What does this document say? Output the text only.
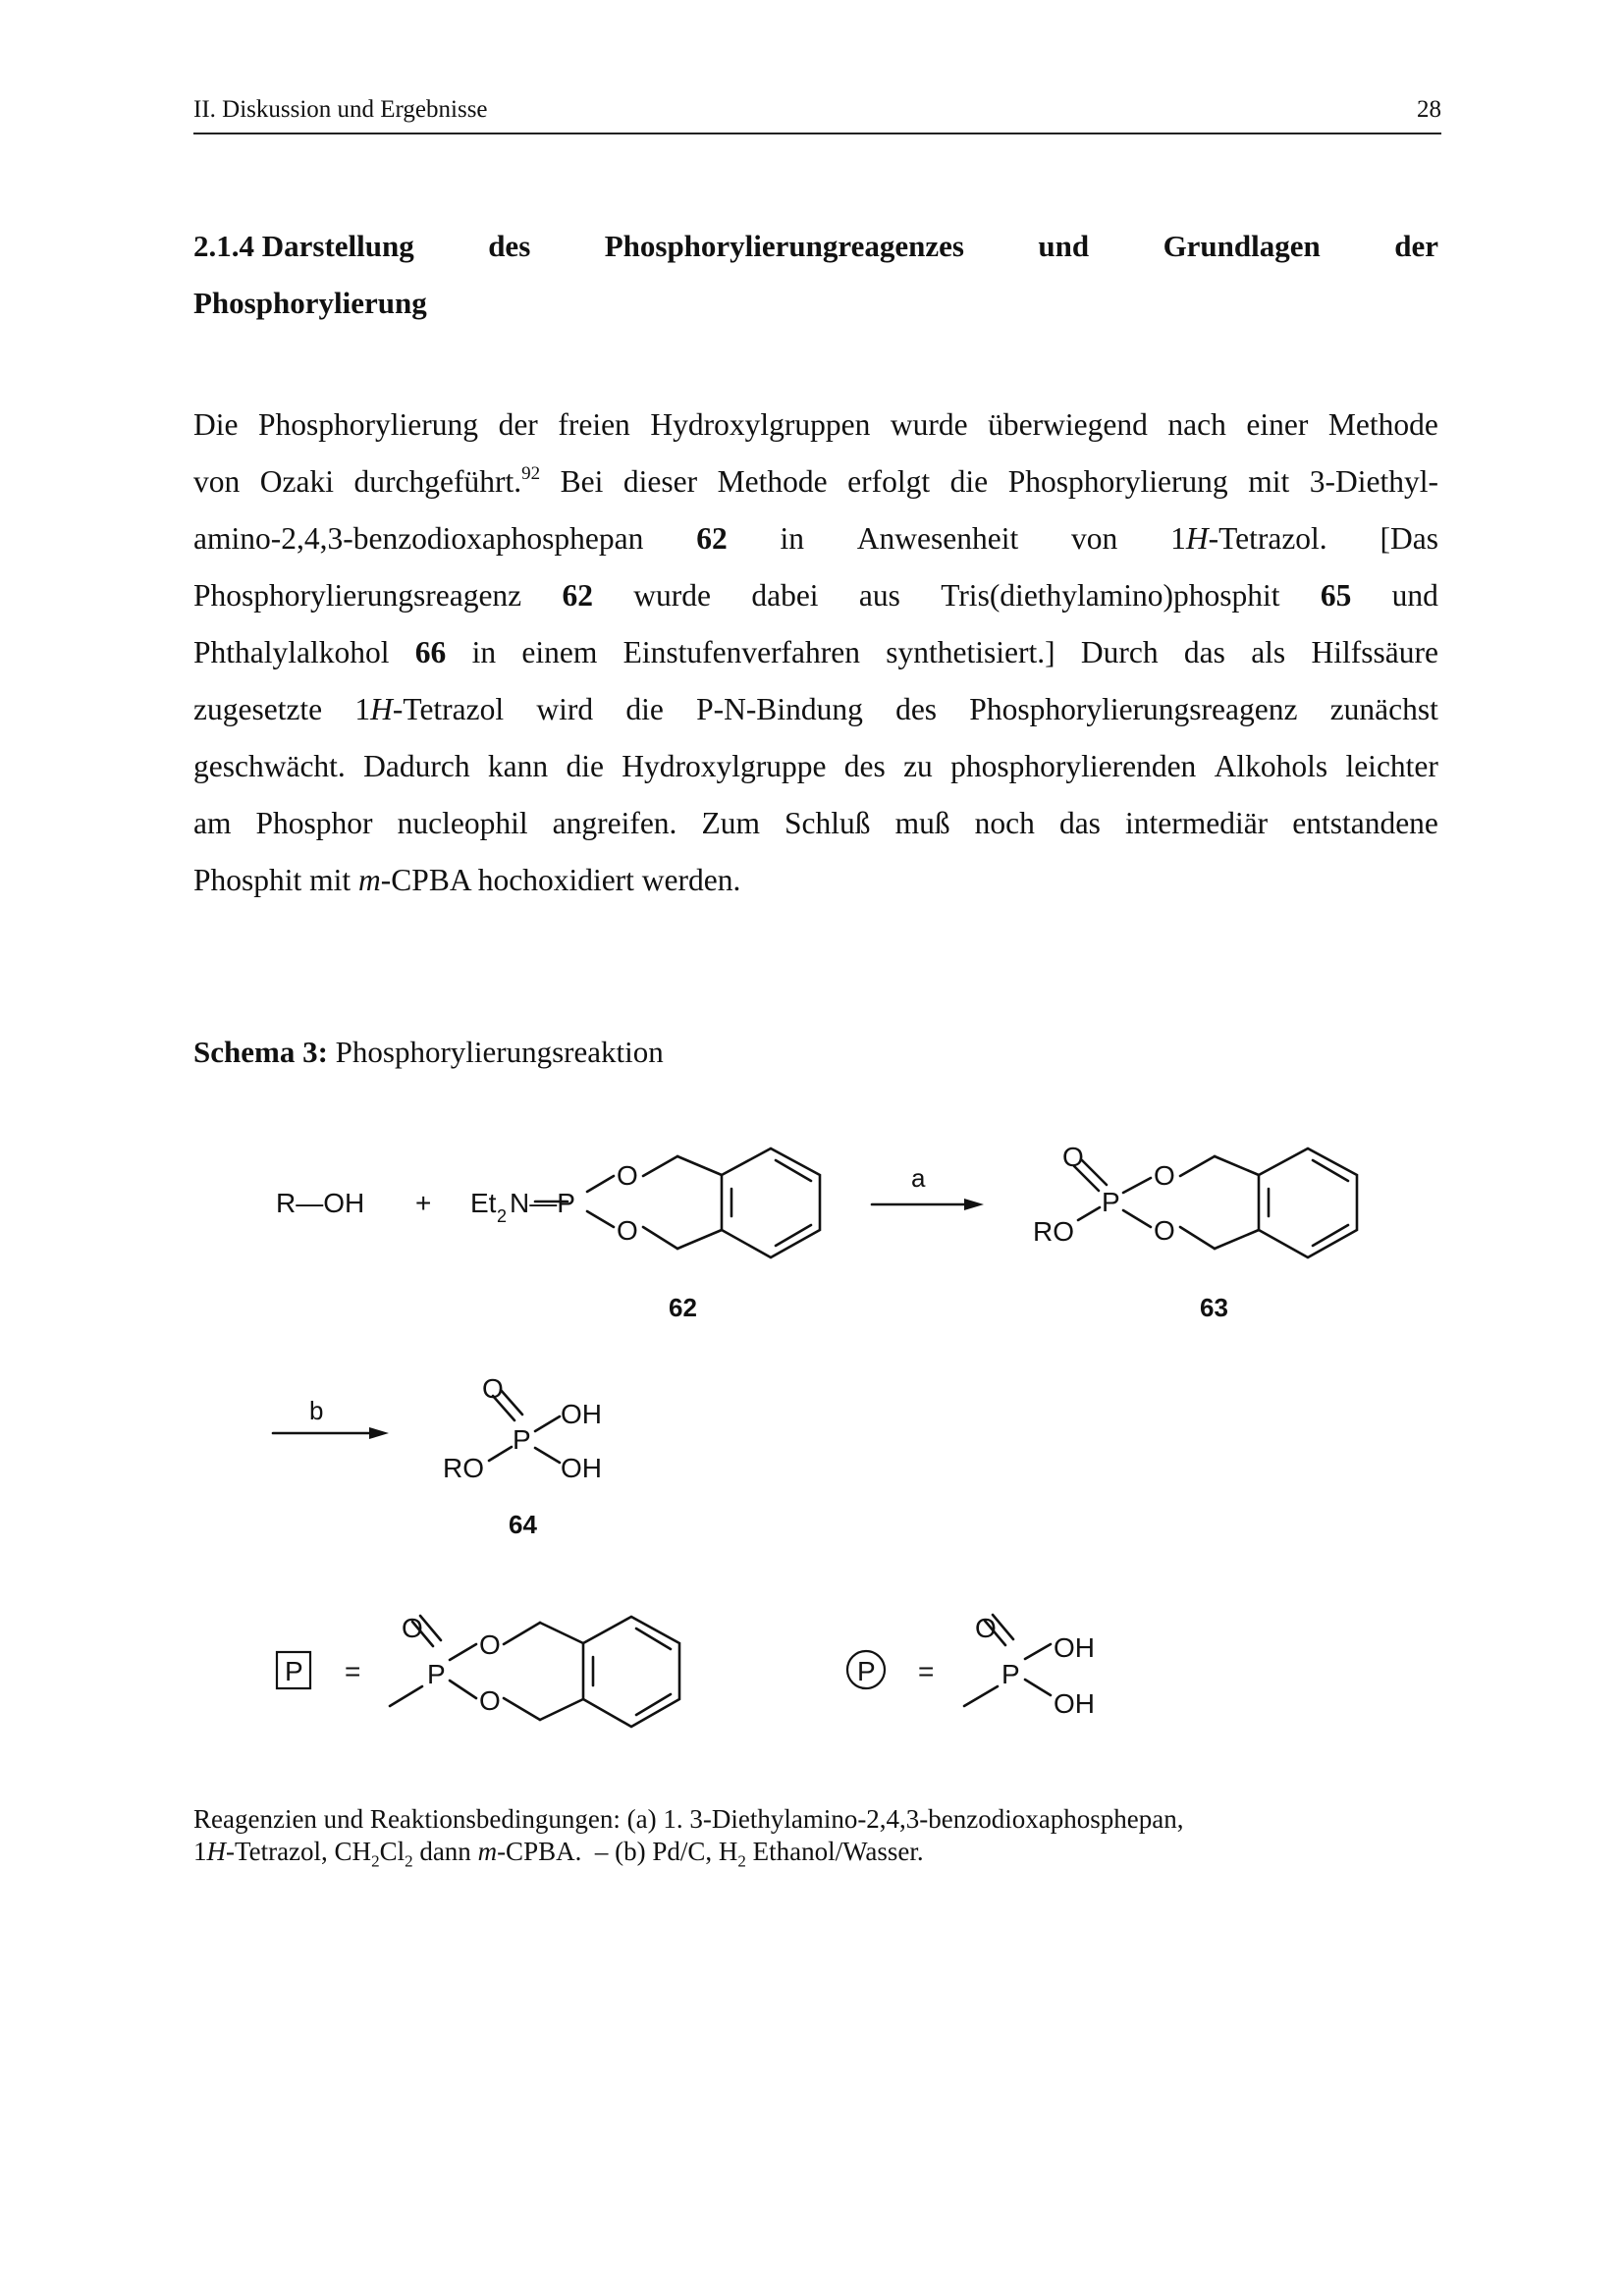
II. Diskussion und Ergebnisse	28
2.1.4 Darstellung des Phosphorylierungreagenzes und Grundlagen der
Phosphorylierung
Die Phosphorylierung der freien Hydroxylgruppen wurde überwiegend nach einer Methode
von Ozaki durchgeführt.$^{92}$ Bei dieser Methode erfolgt die Phosphorylierung mit 3-Diethyl-
amino-2,4,3-benzodioxaphosphepan 62 in Anwesenheit von 1H-Tetrazol. [Das
Phosphorylierungsreagenz 62 wurde dabei aus Tris(diethylamino)phosphit 65 und
Phthalylalkohol 66 in einem Einstufenverfahren synthetisiert.] Durch das als Hilfssäure
zugesetzte 1H-Tetrazol wird die P-N-Bindung des Phosphorylierungsreagenz zunächst
geschwächt. Dadurch kann die Hydroxylgruppe des zu phosphorylierenden Alkohols leichter
am Phosphor nucleophil angreifen. Zum Schluß muß noch das intermediär entstandene
Phosphit mit m-CPBA hochoxidiert werden.
Schema 3: Phosphorylierungsreaktion
R—OH + Et 2 N—P
O
O
a
O
P
RO
O
O
62	63
b
O
P
OH
OH
RO
64
P =
O
P
O
O
P =
O
P
OH
OH
Reagenzien und Reaktionsbedingungen: (a) 1. 3-Diethylamino-2,4,3-benzodioxaphosphepan,
1H-Tetrazol, $CH_2Cl_2$ dann m-CPBA.  – (b) Pd/C, $H_2$ Ethanol/Wasser.
